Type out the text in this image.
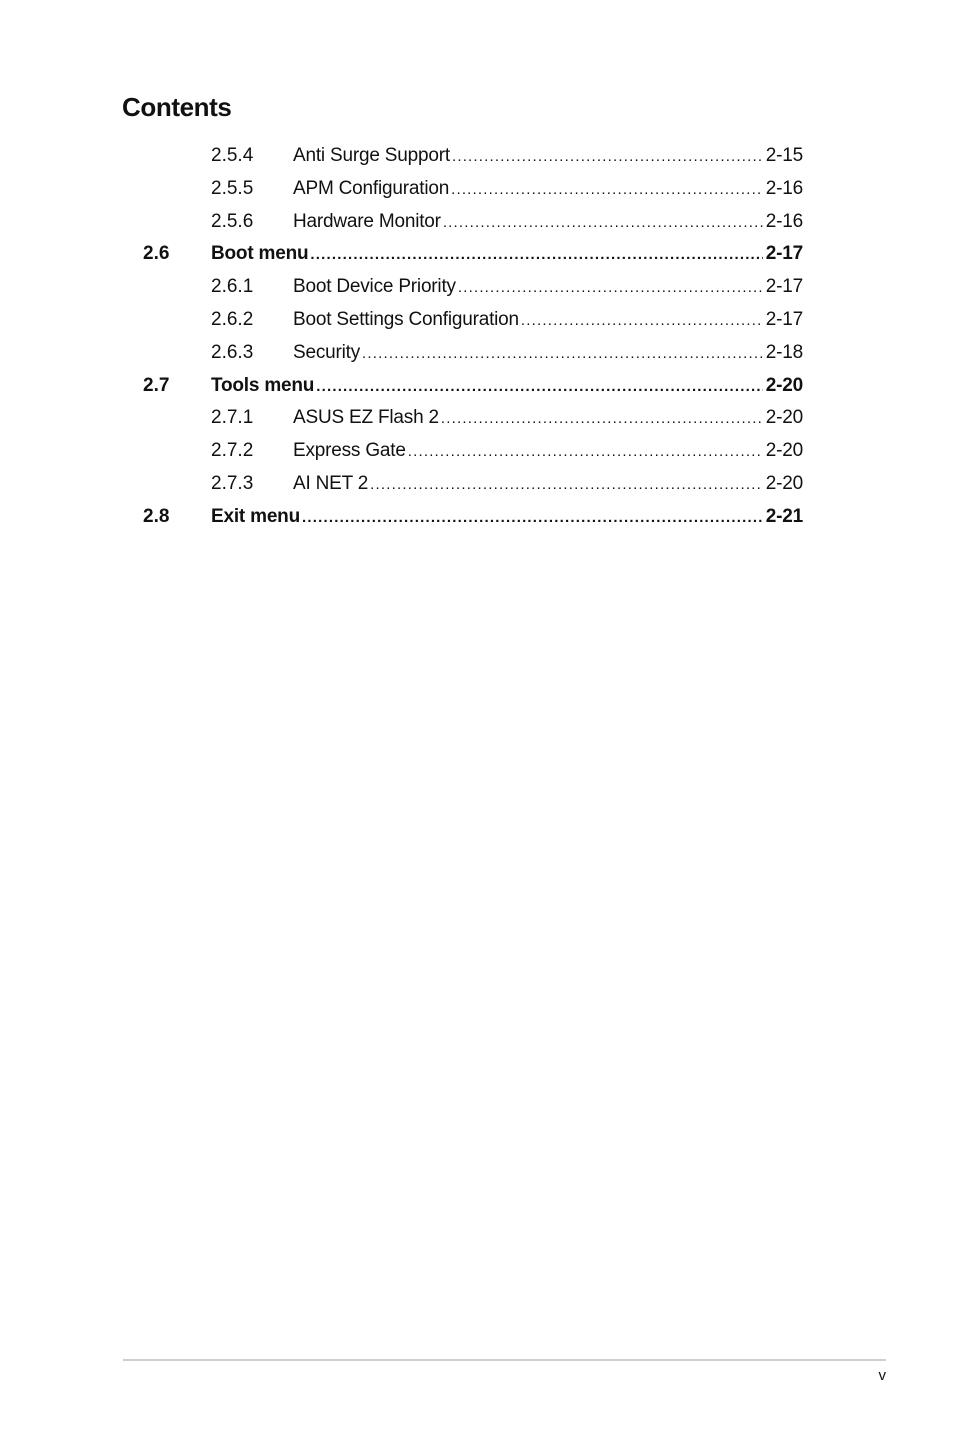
Contents
2.5.4 Anti Surge Support .....	2-15
2.5.5 APM Configuration .....	2-16
2.5.6 Hardware Monitor .....	2-16
2.6 Boot menu .....	2-17
2.6.1 Boot Device Priority .....	2-17
2.6.2 Boot Settings Configuration .....	2-17
2.6.3 Security .....	2-18
2.7 Tools menu .....	2-20
2.7.1 ASUS EZ Flash 2 .....	2-20
2.7.2 Express Gate .....	2-20
2.7.3 AI NET 2 .....	2-20
2.8 Exit menu .....	2-21
v
